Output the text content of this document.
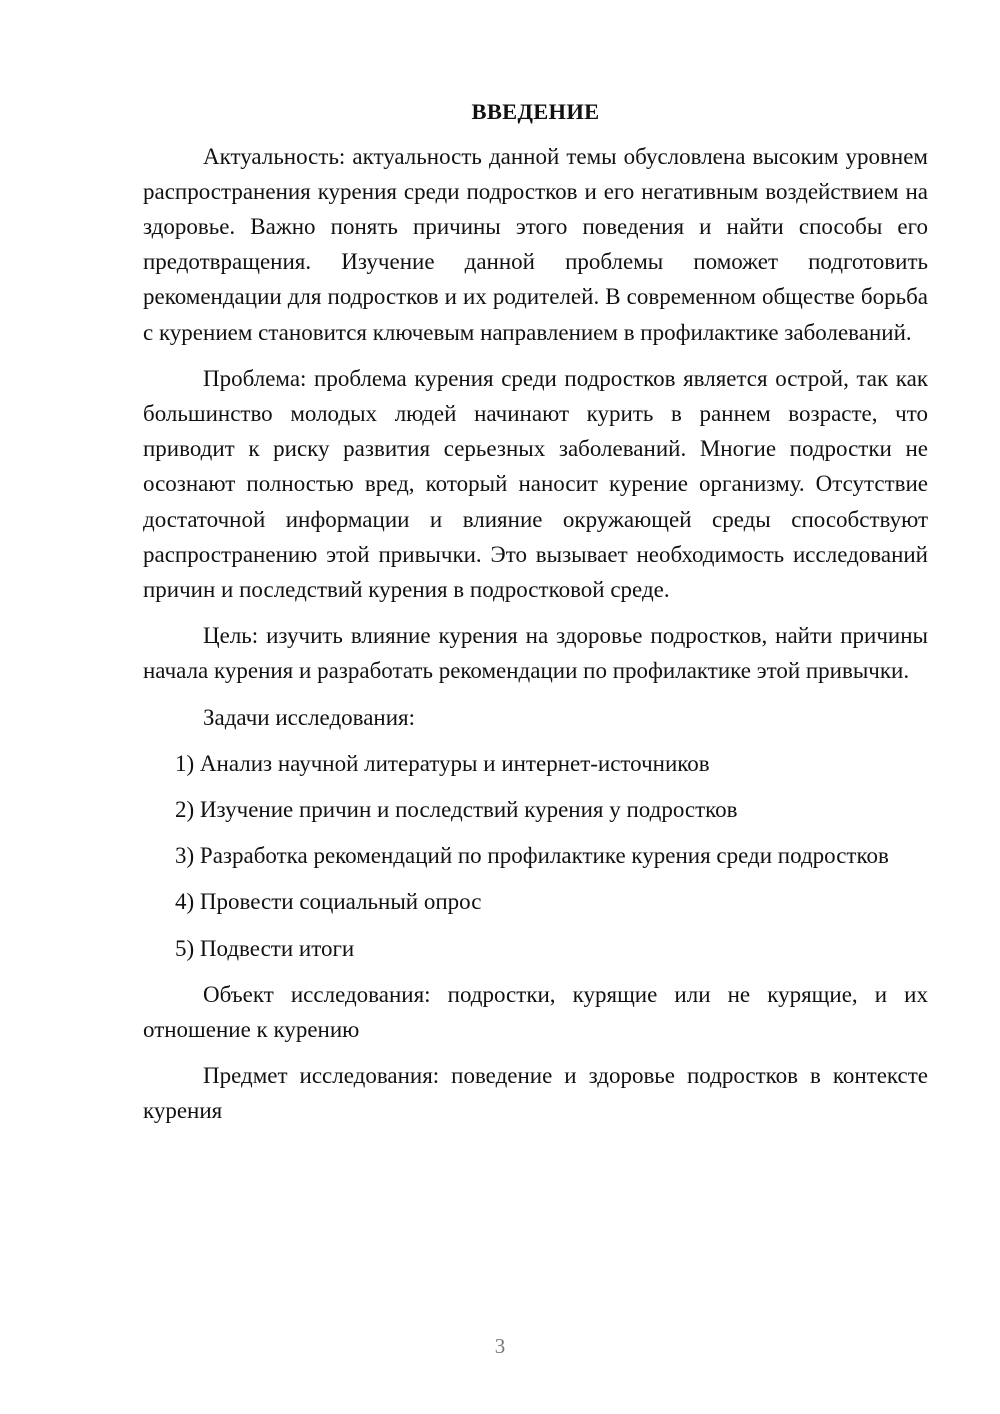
ВВЕДЕНИЕ

Актуальность: актуальность данной темы обусловлена высоким уровнем распространения курения среди подростков и его негативным воздействием на здоровье. Важно понять причины этого поведения и найти способы его предотвращения. Изучение данной проблемы поможет подготовить рекомендации для подростков и их родителей. В современном обществе борьба с курением становится ключевым направлением в профилактике заболеваний.

Проблема: проблема курения среди подростков является острой, так как большинство молодых людей начинают курить в раннем возрасте, что приводит к риску развития серьезных заболеваний. Многие подростки не осознают полностью вред, который наносит курение организму. Отсутствие достаточной информации и влияние окружающей среды способствуют распространению этой привычки. Это вызывает необходимость исследований причин и последствий курения в подростковой среде.

Цель: изучить влияние курения на здоровье подростков, найти причины начала курения и разработать рекомендации по профилактике этой привычки.

Задачи исследования:

1) Анализ научной литературы и интернет-источников

2) Изучение причин и последствий курения у подростков

3) Разработка рекомендаций по профилактике курения среди подростков

4) Провести социальный опрос

5) Подвести итоги

Объект исследования: подростки, курящие или не курящие, и их отношение к курению

Предмет исследования: поведение и здоровье подростков в контексте курения

3
